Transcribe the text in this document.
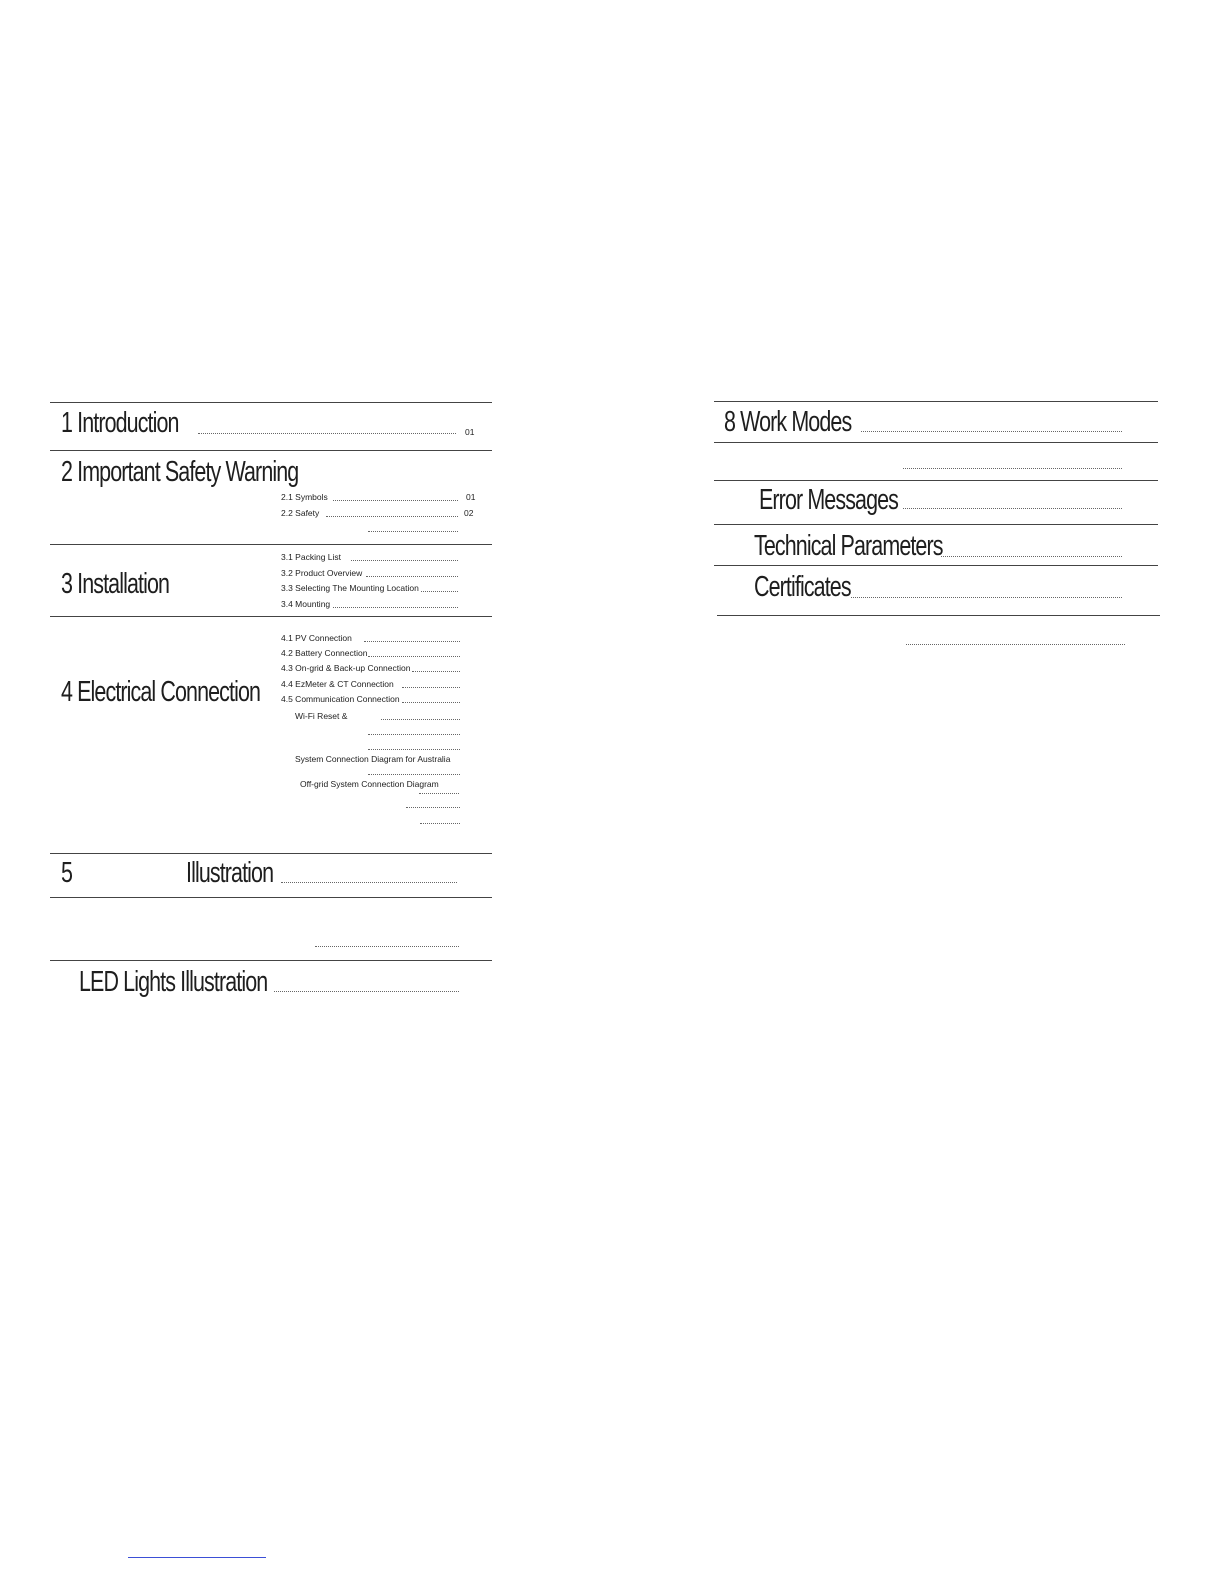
1 Introduction	01
2 Important Safety Warning
2.1 Symbols	01
2.2 Safety	02
3 Installation
3.1 Packing List
3.2 Product Overview
3.3 Selecting The Mounting Location
3.4 Mounting
4 Electrical Connection
4.1 PV Connection
4.2 Battery Connection
4.3 On-grid & Back-up Connection
4.4 EzMeter & CT Connection
4.5 Communication Connection
Wi-Fi Reset &
System Connection Diagram for Australia
Off-grid System Connection Diagram
5	Illustration
LED Lights Illustration
8 Work Modes
Error Messages
Technical Parameters
Certificates
